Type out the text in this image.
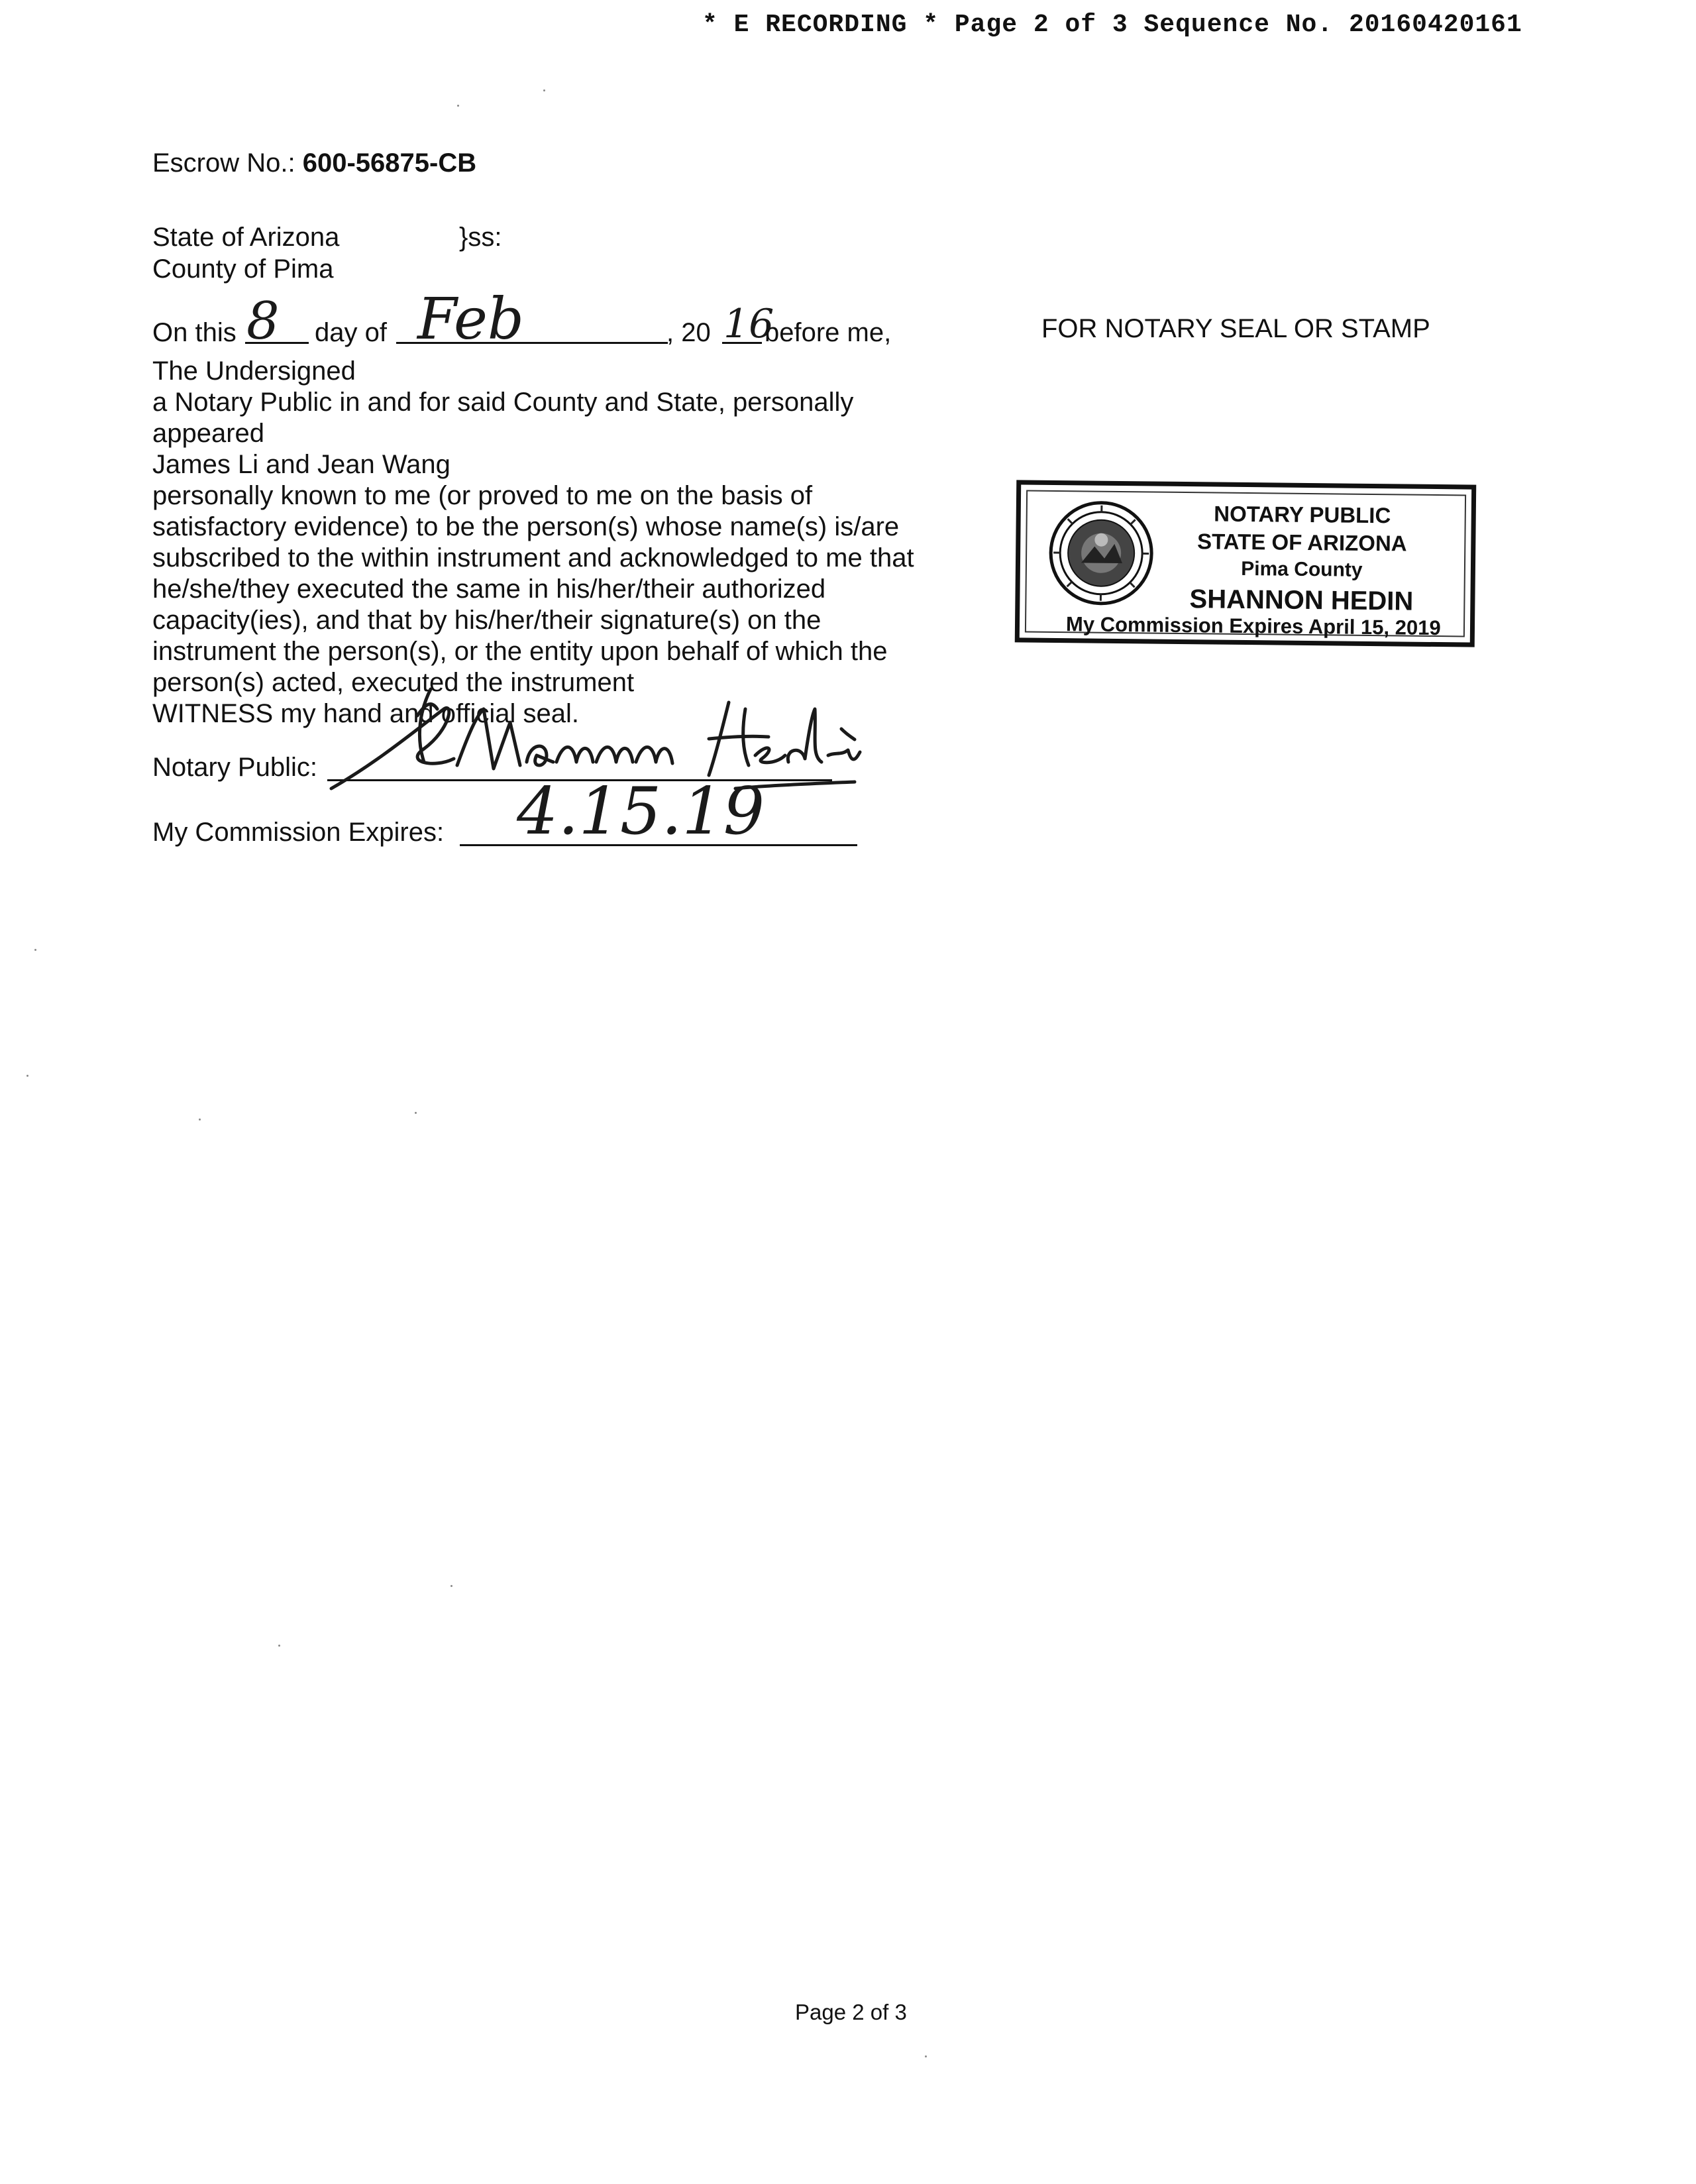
* E RECORDING * Page 2 of 3 Sequence No. 20160420161
Escrow No.: 600-56875-CB
State of Arizona	}ss:
County of Pima
On this 8 day of Feb	, 20 16
before me,	FOR NOTARY SEAL OR STAMP
The Undersigned
a Notary Public in and for said County and State, personally
appeared
James Li and Jean Wang
personally known to me (or proved to me on the basis of
satisfactory evidence) to be the person(s) whose name(s) is/are
subscribed to the within instrument and acknowledged to me that
he/she/they executed the same in his/her/their authorized
capacity(ies), and that by his/her/their signature(s) on the
instrument the person(s), or the entity upon behalf of which the
person(s) acted, executed the instrument
WITNESS my hand and official seal.
Notary Public:
My Commission Expires: 4.15.19
NOTARY PUBLIC
STATE OF ARIZONA
Pima County
SHANNON HEDIN
My Commission Expires April 15, 2019
Page 2 of 3
